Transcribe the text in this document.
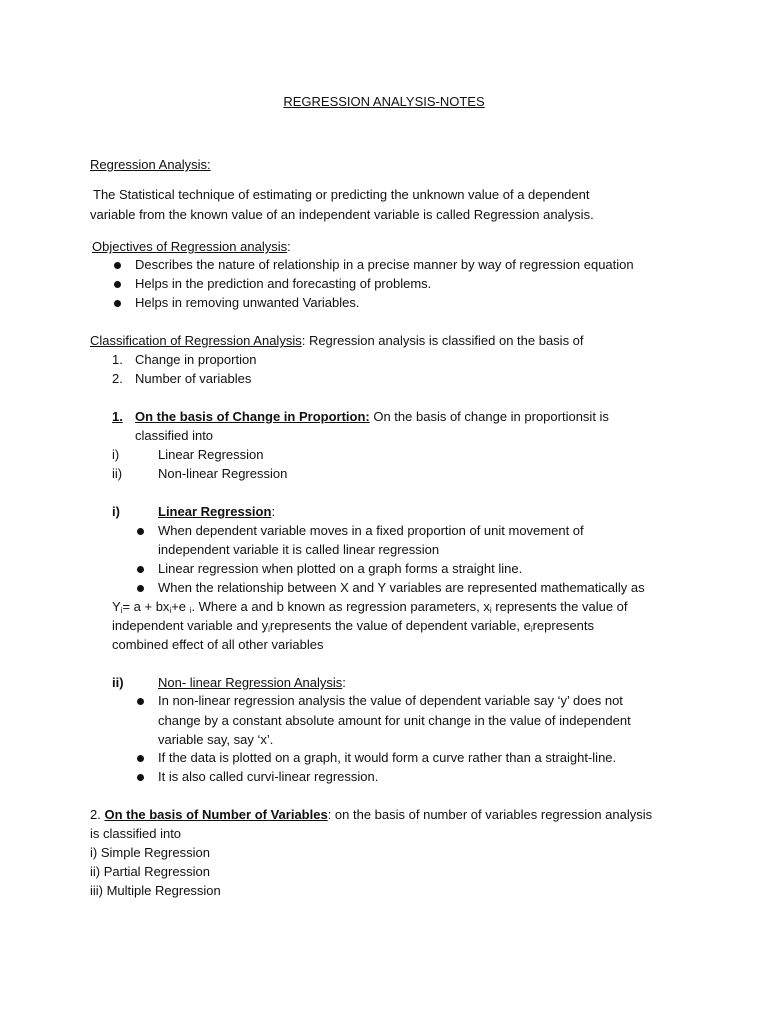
REGRESSION ANALYSIS-NOTES
Regression Analysis:
The Statistical technique of estimating or predicting the unknown value of a dependent
variable from the known value of an independent variable is called Regression analysis.
Objectives of Regression analysis:
Describes the nature of relationship in a precise manner by way of regression equation
Helps in the prediction and forecasting of problems.
Helps in removing unwanted Variables.
Classification of Regression Analysis: Regression analysis is classified on the basis of
1. Change in proportion
2. Number of variables
1. On the basis of Change in Proportion: On the basis of change in proportionsit is
classified into
i)	Linear Regression
ii)	Non-linear Regression
i)	Linear Regression:
When dependent variable moves in a fixed proportion of unit movement of
independent variable it is called linear regression
Linear regression when plotted on a graph forms a straight line.
When the relationship between X and Y variables are represented mathematically as
$Y_i= a + bx_i+e$ $_i$. Where a and b known as regression parameters, $x_i$ represents the value of
independent variable and $y_irepresents$ the value of dependent variable, $e_irepresents$
combined effect of all other variables
ii)	Non- linear Regression Analysis:
In non-linear regression analysis the value of dependent variable say ‘y’ does not
change by a constant absolute amount for unit change in the value of independent
variable say, say ‘x’.
If the data is plotted on a graph, it would form a curve rather than a straight-line.
It is also called curvi-linear regression.
2. On the basis of Number of Variables: on the basis of number of variables regression analysis
is classified into
i) Simple Regression
ii) Partial Regression
iii) Multiple Regression
